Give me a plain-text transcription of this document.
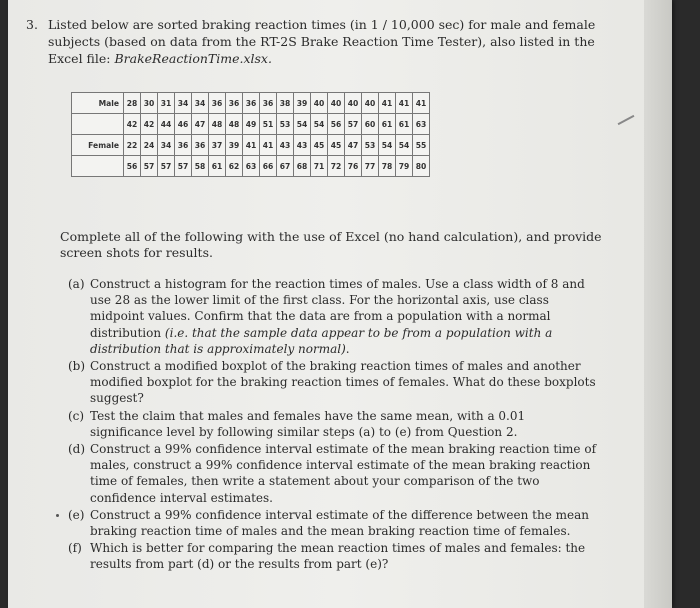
3. Listed below are sorted braking reaction times (in 1 / 10,000 sec) for male and female subjects (based on data from the RT-2S Brake Reaction Time Tester), also listed in the Excel file: BrakeReactionTime.xlsx.
Male	28	30	31	34	34	36	36	36	36	38	39	40	40	40	40	41	41	41
	42	42	44	46	47	48	48	49	51	53	54	54	56	57	60	61	61	63
Female	22	24	34	36	36	37	39	41	41	43	43	45	45	47	53	54	54	55
	56	57	57	57	58	61	62	63	66	67	68	71	72	76	77	78	79	80
Complete all of the following with the use of Excel (no hand calculation), and provide screen shots for results.
(a) Construct a histogram for the reaction times of males. Use a class width of 8 and use 28 as the lower limit of the first class. For the horizontal axis, use class midpoint values. Confirm that the data are from a population with a normal distribution (i.e. that the sample data appear to be from a population with a distribution that is approximately normal).
(b) Construct a modified boxplot of the braking reaction times of males and another modified boxplot for the braking reaction times of females. What do these boxplots suggest?
(c) Test the claim that males and females have the same mean, with a 0.01 significance level by following similar steps (a) to (e) from Question 2.
(d) Construct a 99% confidence interval estimate of the mean braking reaction time of males, construct a 99% confidence interval estimate of the mean braking reaction time of females, then write a statement about your comparison of the two confidence interval estimates.
(e) Construct a 99% confidence interval estimate of the difference between the mean braking reaction time of males and the mean braking reaction time of females.
(f) Which is better for comparing the mean reaction times of males and females: the results from part (d) or the results from part (e)?
